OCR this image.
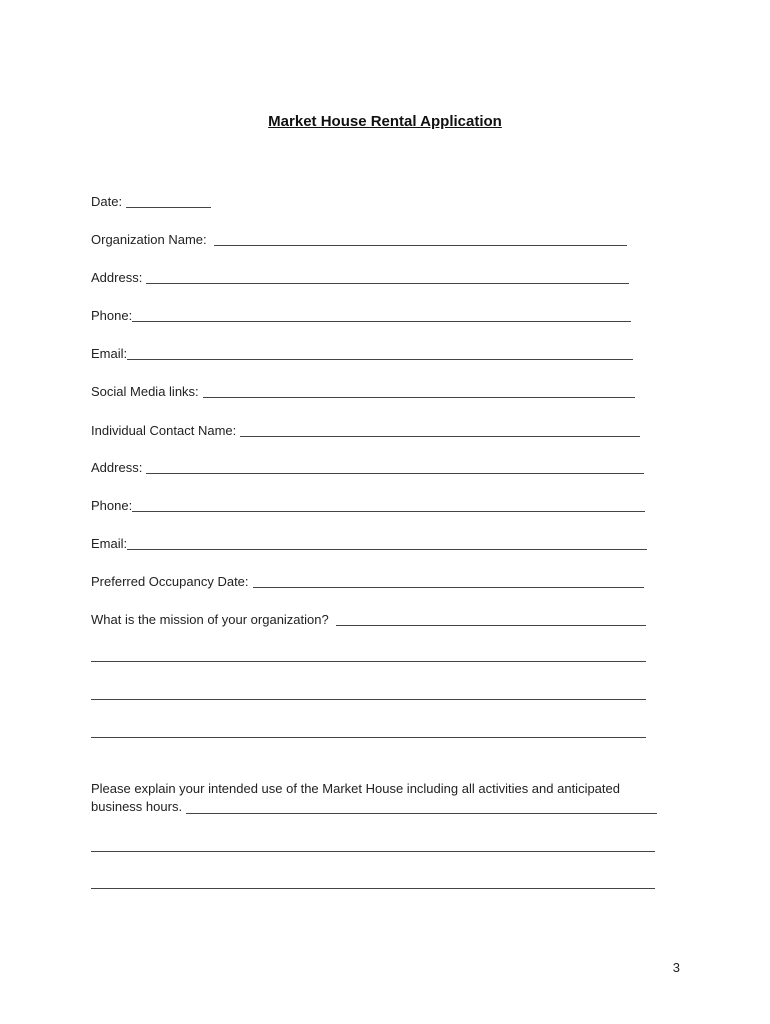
Market House Rental Application
Date:
Organization Name:
Address:
Phone:
Email:
Social Media links:
Individual Contact Name:
Address:
Phone:
Email:
Preferred Occupancy Date:
What is the mission of your organization?
Please explain your intended use of the Market House including all activities and anticipated
business hours.
3
